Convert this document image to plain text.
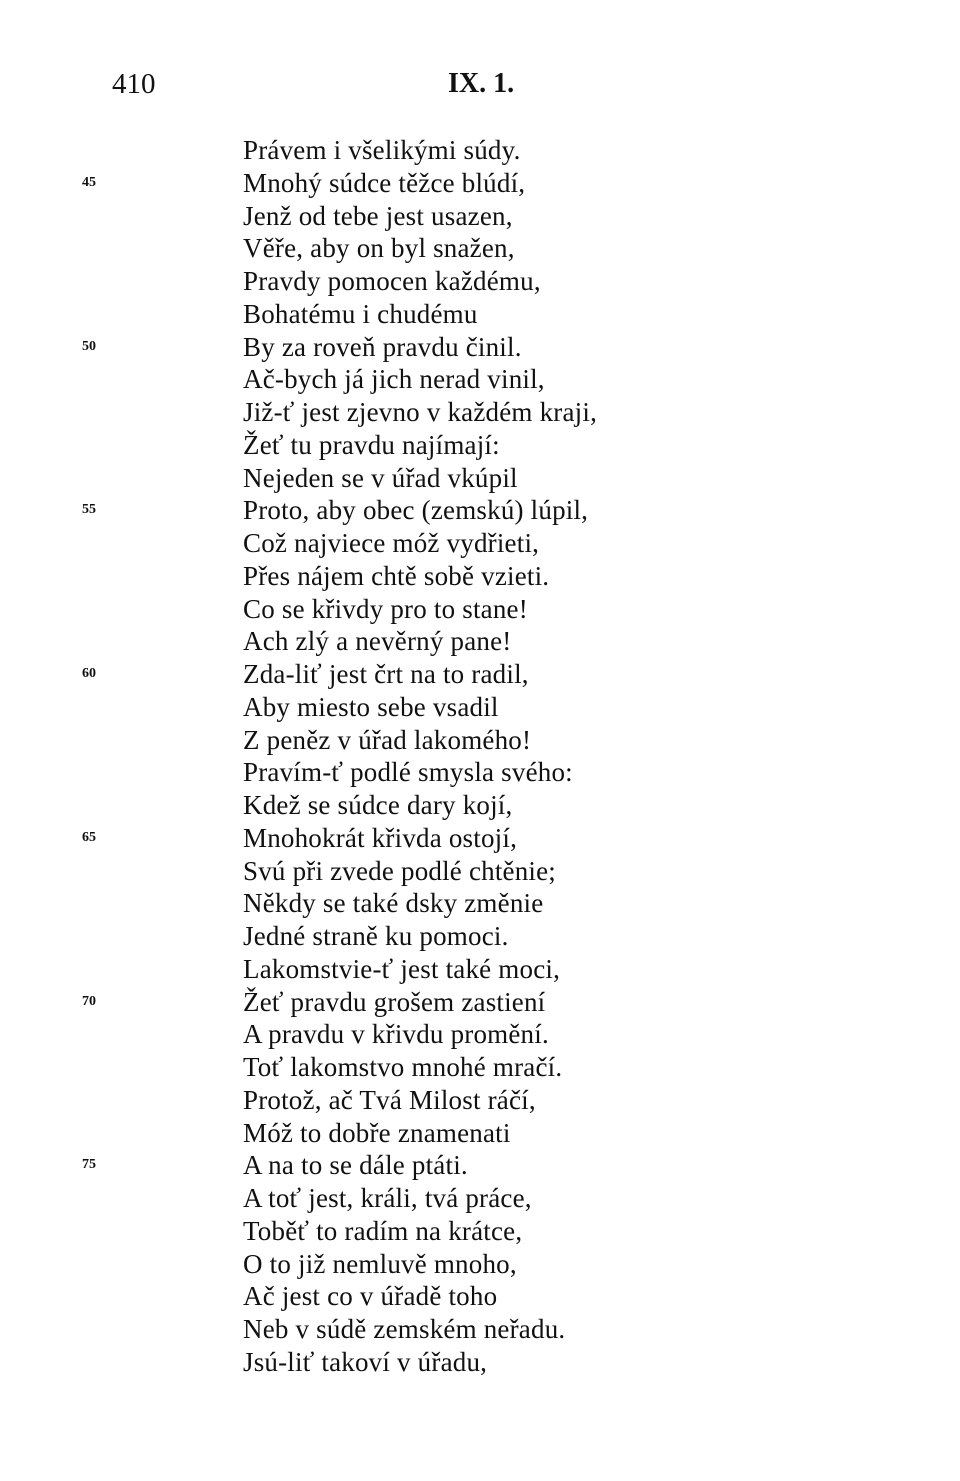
410	IX. 1.
Právem i všelikými súdy.
45	Mnohý súdce těžce blúdí,
Jenž od tebe jest usazen,
Věře, aby on byl snažen,
Pravdy pomocen každému,
Bohatému i chudému
50	By za roveň pravdu činil.
Ač-bych já jich nerad vinil,
Již-ť jest zjevno v každém kraji,
Žeť tu pravdu najímají:
Nejeden se v úřad vkúpil
55	Proto, aby obec (zemskú) lúpil,
Což najviece móž vydřieti,
Přes nájem chtě sobě vzieti.
Co se křivdy pro to stane!
Ach zlý a nevěrný pane!
60	Zda-liť jest črt na to radil,
Aby miesto sebe vsadil
Z peněz v úřad lakomého!
Pravím-ť podlé smysla svého:
Kdež se súdce dary kojí,
65	Mnohokrát křivda ostojí,
Svú při zvede podlé chtěnie;
Někdy se také dsky změnie
Jedné straně ku pomoci.
Lakomstvie-ť jest také moci,
70	Žeť pravdu grošem zastiení
A pravdu v křivdu promění.
Toť lakomstvo mnohé mračí.
Protož, ač Tvá Milost ráčí,
Móž to dobře znamenati
75	A na to se dále ptáti.
A toť jest, králi, tvá práce,
Toběť to radím na krátce,
O to již nemluvě mnoho,
Ač jest co v úřadě toho
Neb v súdě zemském neřadu.
Jsú-liť takoví v úřadu,
